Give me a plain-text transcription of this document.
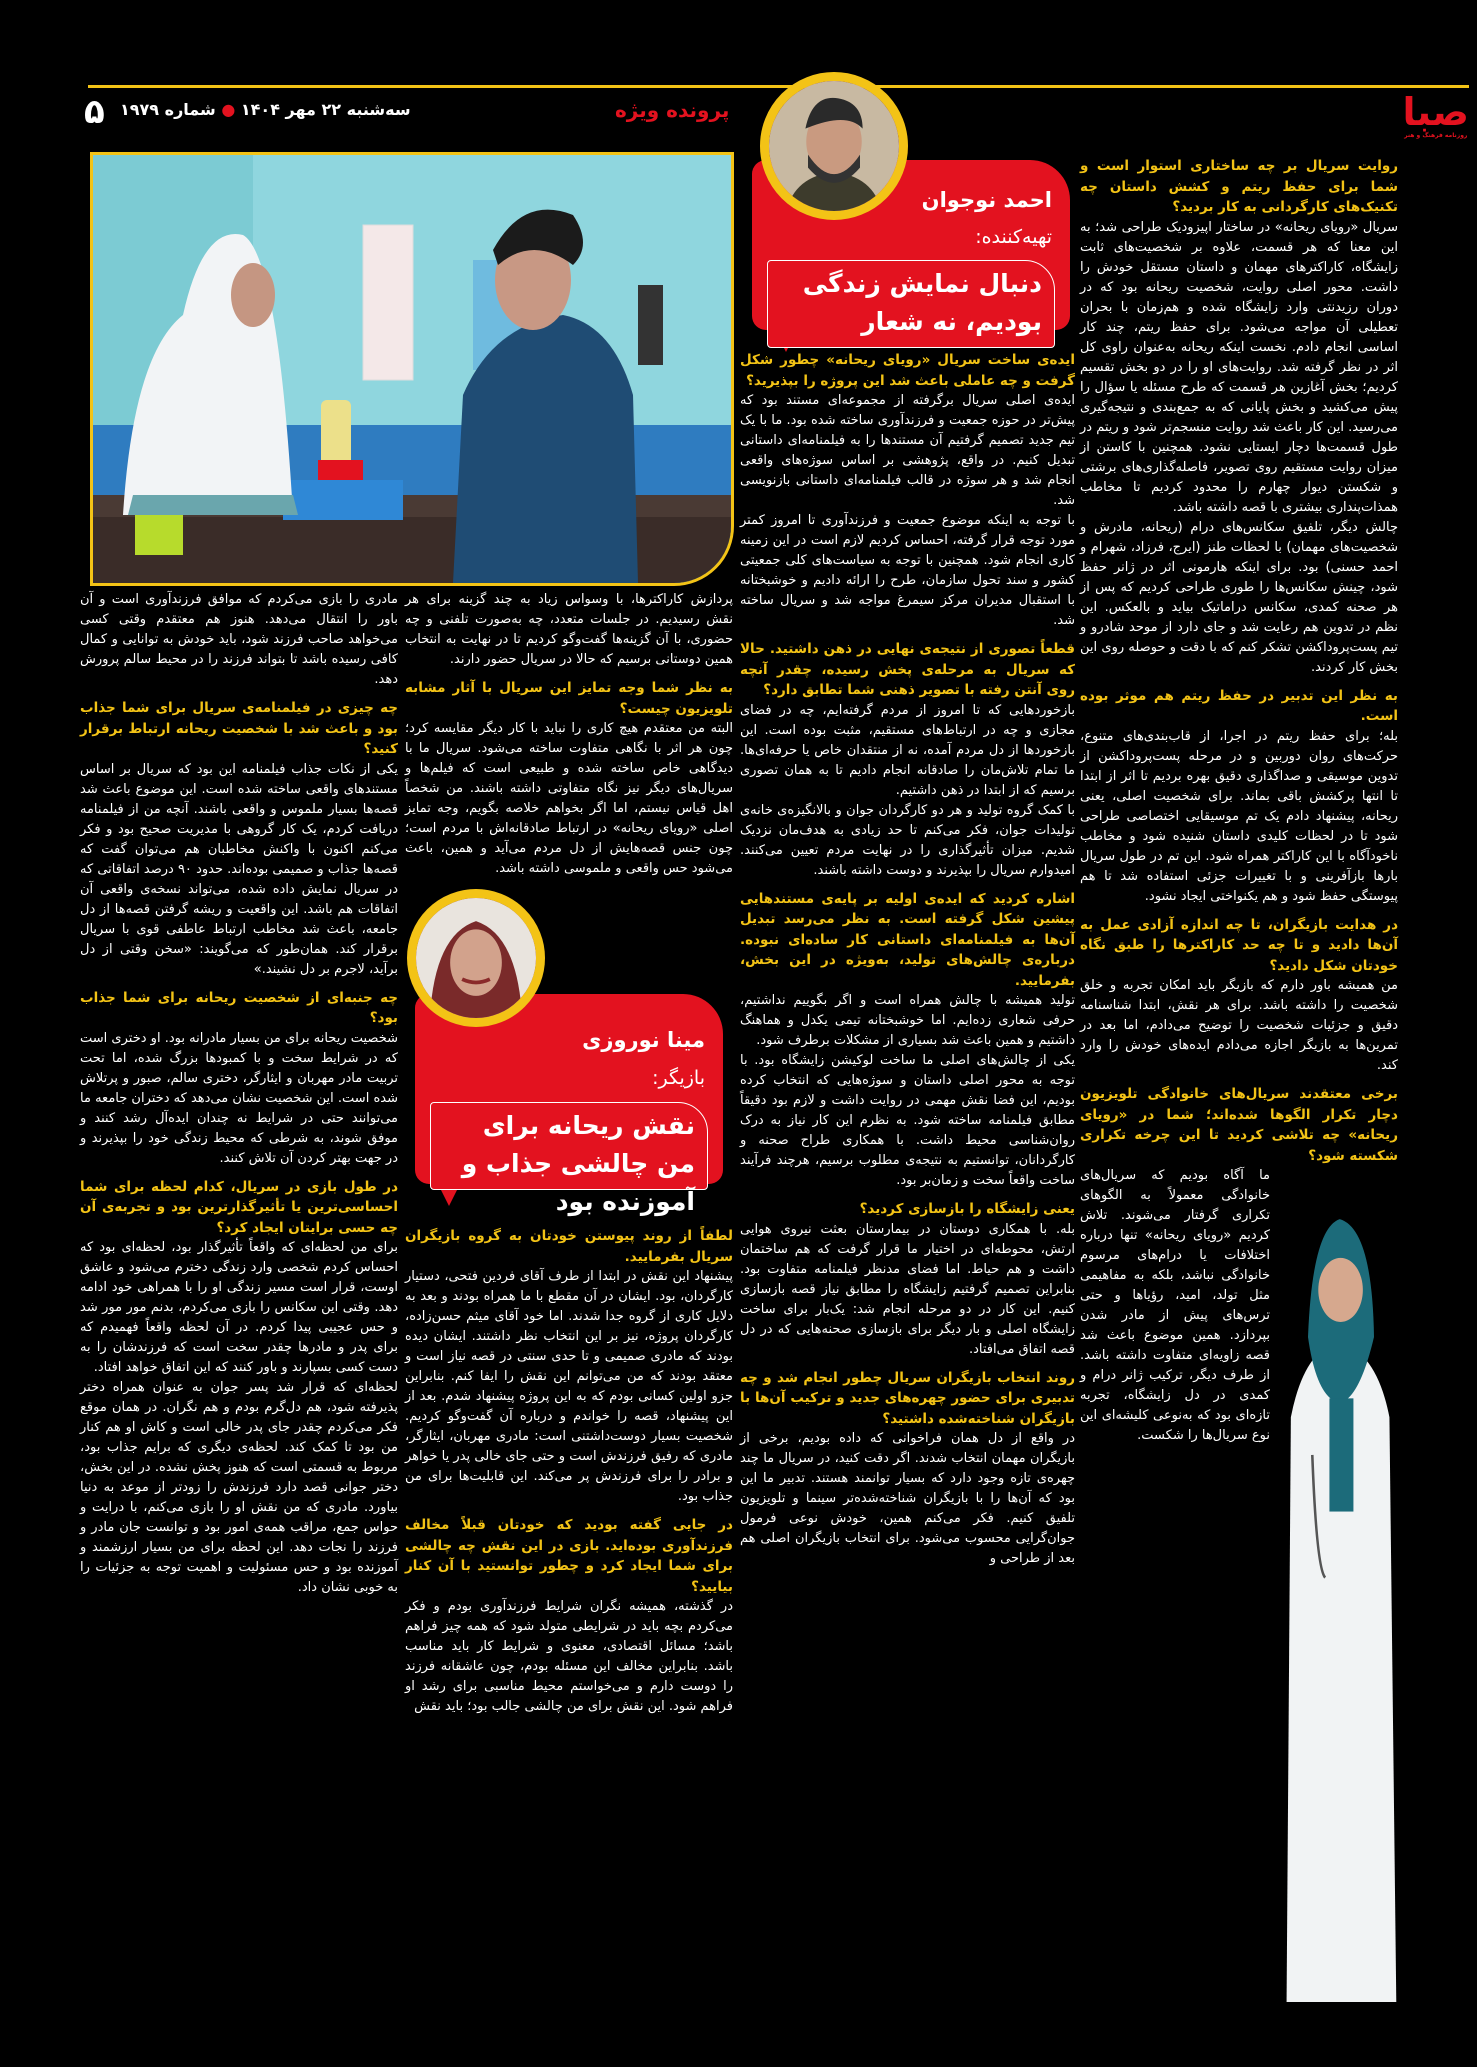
صبا
روزنامه فرهنگ و هنر
پرونده ویژه
سه‌شنبه ۲۲ مهر ۱۴۰۴ ● شماره ۱۹۷۹
۵
احمد نوجوان
تهیه‌کننده:
دنبال نمایش زندگی بودیم، نه شعار
روایت سریال بر چه ساختاری استوار است و شما برای حفظ ریتم و کشش داستان چه تکنیک‌های کارگردانی به کار بردید؟

سریال «رویای ریحانه» در ساختار اپیزودیک طراحی شد؛ به این معنا که هر قسمت، علاوه بر شخصیت‌های ثابت زایشگاه، کاراکترهای مهمان و داستان مستقل خودش را داشت. محور اصلی روایت، شخصیت ریحانه بود که در دوران رزیدنتی وارد زایشگاه شده و هم‌زمان با بحران تعطیلی آن مواجه می‌شود. برای حفظ ریتم، چند کار اساسی انجام دادم. نخست اینکه ریحانه به‌عنوان راوی کل اثر در نظر گرفته شد. روایت‌های او را در دو بخش تقسیم کردیم؛ بخش آغازین هر قسمت که طرح مسئله یا سؤال را پیش می‌کشید و بخش پایانی که به جمع‌بندی و نتیجه‌گیری می‌رسید. این کار باعث شد روایت منسجم‌تر شود و ریتم در طول قسمت‌ها دچار ایستایی نشود. همچنین با کاستن از میزان روایت مستقیم روی تصویر، فاصله‌گذاری‌های برشتی و شکستن دیوار چهارم را محدود کردیم تا مخاطب همذات‌پنداری بیشتری با قصه داشته باشد.

چالش دیگر، تلفیق سکانس‌های درام (ریحانه، مادرش و شخصیت‌های مهمان) با لحظات طنز (ایرج، فرزاد، شهرام و احمد حسنی) بود. برای اینکه هارمونی اثر در ژانر حفظ شود، چینش سکانس‌ها را طوری طراحی کردیم که پس از هر صحنه کمدی، سکانس دراماتیک بیاید و بالعکس. این نظم در تدوین هم رعایت شد و جای دارد از موحد شادرو و تیم پست‌پروداکشن تشکر کنم که با دقت و حوصله روی این بخش کار کردند.

به نظر این تدبیر در حفظ ریتم هم موثر بوده است.

بله؛ برای حفظ ریتم در اجرا، از قاب‌بندی‌های متنوع، حرکت‌های روان دوربین و در مرحله پست‌پروداکشن از تدوین موسیقی و صداگذاری دقیق بهره بردیم تا اثر از ابتدا تا انتها پرکشش باقی بماند. برای شخصیت اصلی، یعنی ریحانه، پیشنهاد دادم یک تم موسیقایی اختصاصی طراحی شود تا در لحظات کلیدی داستان شنیده شود و مخاطب ناخودآگاه با این کاراکتر همراه شود. این تم در طول سریال بارها بازآفرینی و با تغییرات جزئی استفاده شد تا هم پیوستگی حفظ شود و هم یکنواختی ایجاد نشود.

در هدایت بازیگران، تا چه اندازه آزادی عمل به آن‌ها دادید و تا چه حد کاراکترها را طبق نگاه خودتان شکل دادید؟

من همیشه باور دارم که بازیگر باید امکان تجربه و خلق شخصیت را داشته باشد. برای هر نقش، ابتدا شناسنامه دقیق و جزئیات شخصیت را توضیح می‌دادم، اما بعد در تمرین‌ها به بازیگر اجازه می‌دادم ایده‌های خودش را وارد کند.

برخی معتقدند سریال‌های خانوادگی تلویزیون دچار تکرار الگوها شده‌اند؛ شما در «رویای ریحانه» چه تلاشی کردید تا این چرخه تکراری شکسته شود؟

ما آگاه بودیم که سریال‌های خانوادگی معمولاً به الگوهای تکراری گرفتار می‌شوند. تلاش کردیم «رویای ریحانه» تنها درباره اختلافات یا درام‌های مرسوم خانوادگی نباشد، بلکه به مفاهیمی مثل تولد، امید، رؤیاها و حتی ترس‌های پیش از مادر شدن بپردازد. همین موضوع باعث شد قصه زاویه‌ای متفاوت داشته باشد. از طرف دیگر، ترکیب ژانر درام و کمدی در دل زایشگاه، تجربه تازه‌ای بود که به‌نوعی کلیشه‌ای این نوع سریال‌ها را شکست.

ایده‌ی ساخت سریال «رویای ریحانه» چطور شکل گرفت و چه عاملی باعث شد این پروژه را بپذیرید؟

ایده‌ی اصلی سریال برگرفته از مجموعه‌ای مستند بود که پیش‌تر در حوزه جمعیت و فرزندآوری ساخته شده بود. ما با یک تیم جدید تصمیم گرفتیم آن مستندها را به فیلمنامه‌ای داستانی تبدیل کنیم. در واقع، پژوهشی بر اساس سوژه‌های واقعی انجام شد و هر سوژه در قالب فیلمنامه‌ای داستانی بازنویسی شد.

با توجه به اینکه موضوع جمعیت و فرزندآوری تا امروز کمتر مورد توجه قرار گرفته، احساس کردیم لازم است در این زمینه کاری انجام شود. همچنین با توجه به سیاست‌های کلی جمعیتی کشور و سند تحول سازمان، طرح را ارائه دادیم و خوشبختانه با استقبال مدیران مرکز سیمرغ مواجه شد و سریال ساخته شد.

قطعاً تصوری از نتیجه‌ی نهایی در ذهن داشتید. حالا که سریال به مرحله‌ی پخش رسیده، چقدر آنچه روی آنتن رفته با تصویر ذهنی شما تطابق دارد؟

بازخوردهایی که تا امروز از مردم گرفته‌ایم، چه در فضای مجازی و چه در ارتباط‌های مستقیم، مثبت بوده است. این بازخوردها از دل مردم آمده، نه از منتقدان خاص یا حرفه‌ای‌ها. ما تمام تلاش‌مان را صادقانه انجام دادیم تا به همان تصوری برسیم که از ابتدا در ذهن داشتیم.

با کمک گروه تولید و هر دو کارگردان جوان و بالانگیزه‌ی خانه‌ی تولیدات جوان، فکر می‌کنم تا حد زیادی به هدف‌مان نزدیک شدیم. میزان تأثیرگذاری را در نهایت مردم تعیین می‌کنند. امیدوارم سریال را بپذیرند و دوست داشته باشند.

اشاره کردید که ایده‌ی اولیه بر پایه‌ی مستندهایی پیشین شکل گرفته است. به نظر می‌رسد تبدیل آن‌ها به فیلمنامه‌ای داستانی کار ساده‌ای نبوده. درباره‌ی چالش‌های تولید، به‌ویژه در این بخش، بفرمایید.

تولید همیشه با چالش همراه است و اگر بگوییم نداشتیم، حرفی شعاری زده‌ایم. اما خوشبختانه تیمی یکدل و هماهنگ داشتیم و همین باعث شد بسیاری از مشکلات برطرف شود.

یکی از چالش‌های اصلی ما ساخت لوکیشن زایشگاه بود. با توجه به محور اصلی داستان و سوژه‌هایی که انتخاب کرده بودیم، این فضا نقش مهمی در روایت داشت و لازم بود دقیقاً مطابق فیلمنامه ساخته شود. به نظرم این کار نیاز به درک روان‌شناسی محیط داشت. با همکاری طراح صحنه و کارگردانان، توانستیم به نتیجه‌ی مطلوب برسیم، هرچند فرآیند ساخت واقعاً سخت و زمان‌بر بود.

یعنی زایشگاه را بازسازی کردید؟

بله. با همکاری دوستان در بیمارستان بعثت نیروی هوایی ارتش، محوطه‌ای در اختیار ما قرار گرفت که هم ساختمان داشت و هم حیاط. اما فضای مدنظر فیلمنامه متفاوت بود. بنابراین تصمیم گرفتیم زایشگاه را مطابق نیاز قصه بازسازی کنیم. این کار در دو مرحله انجام شد: یک‌بار برای ساخت زایشگاه اصلی و بار دیگر برای بازسازی صحنه‌هایی که در دل قصه اتفاق می‌افتاد.

روند انتخاب بازیگران سریال چطور انجام شد و چه تدبیری برای حضور چهره‌های جدید و ترکیب آن‌ها با بازیگران شناخته‌شده داشتید؟

در واقع از دل همان فراخوانی که داده بودیم، برخی از بازیگران مهمان انتخاب شدند. اگر دقت کنید، در سریال ما چند چهره‌ی تازه وجود دارد که بسیار توانمند هستند. تدبیر ما این بود که آن‌ها را با بازیگران شناخته‌شده‌تر سینما و تلویزیون تلفیق کنیم. فکر می‌کنم همین، خودش نوعی فرمول جوان‌گرایی محسوب می‌شود. برای انتخاب بازیگران اصلی هم بعد از طراحی و

پردازش کاراکترها، با وسواس زیاد به چند گزینه برای هر نقش رسیدیم. در جلسات متعدد، چه به‌صورت تلفنی و چه حضوری، با آن گزینه‌ها گفت‌وگو کردیم تا در نهایت به انتخاب همین دوستانی برسیم که حالا در سریال حضور دارند.

به نظر شما وجه تمایز این سریال با آثار مشابه تلویزیون چیست؟

البته من معتقدم هیچ کاری را نباید با کار دیگر مقایسه کرد؛ چون هر اثر با نگاهی متفاوت ساخته می‌شود. سریال ما با دیدگاهی خاص ساخته شده و طبیعی است که فیلم‌ها و سریال‌های دیگر نیز نگاه متفاوتی داشته باشند. من شخصاً اهل قیاس نیستم، اما اگر بخواهم خلاصه بگویم، وجه تمایز اصلی «رویای ریحانه» در ارتباط صادقانه‌اش با مردم است؛ چون جنس قصه‌هایش از دل مردم می‌آید و همین، باعث می‌شود حس واقعی و ملموسی داشته باشد.

مینا نوروزی
بازیگر:
نقش ریحانه برای من چالشی جذاب و آموزنده بود
لطفاً از روند پیوستن خودتان به گروه بازیگران سریال بفرمایید.

پیشنهاد این نقش در ابتدا از طرف آقای فردین فتحی، دستیار کارگردان، بود. ایشان در آن مقطع با ما همراه بودند و بعد به دلایل کاری از گروه جدا شدند. اما خود آقای میثم حسن‌زاده، کارگردان پروژه، نیز بر این انتخاب نظر داشتند. ایشان دیده بودند که مادری صمیمی و تا حدی سنتی در قصه نیاز است و معتقد بودند که من می‌توانم این نقش را ایفا کنم. بنابراین جزو اولین کسانی بودم که به این پروژه پیشنهاد شدم. بعد از این پیشنهاد، قصه را خواندم و درباره آن گفت‌وگو کردیم. شخصیت بسیار دوست‌داشتنی است: مادری مهربان، ایثارگر، مادری که رفیق فرزندش است و حتی جای خالی پدر یا خواهر و برادر را برای فرزندش پر می‌کند. این قابلیت‌ها برای من جذاب بود.

در جایی گفته بودید که خودتان قبلاً مخالف فرزندآوری بوده‌اید. بازی در این نقش چه چالشی برای شما ایجاد کرد و چطور توانستید با آن کنار بیایید؟

در گذشته، همیشه نگران شرایط فرزندآوری بودم و فکر می‌کردم بچه باید در شرایطی متولد شود که همه چیز فراهم باشد؛ مسائل اقتصادی، معنوی و شرایط کار باید مناسب باشد. بنابراین مخالف این مسئله بودم، چون عاشقانه فرزند را دوست دارم و می‌خواستم محیط مناسبی برای رشد او فراهم شود. این نقش برای من چالشی جالب بود؛ باید نقش

مادری را بازی می‌کردم که موافق فرزندآوری است و آن باور را انتقال می‌دهد. هنوز هم معتقدم وقتی کسی می‌خواهد صاحب فرزند شود، باید خودش به توانایی و کمال کافی رسیده باشد تا بتواند فرزند را در محیط سالم پرورش دهد.

چه چیزی در فیلمنامه‌ی سریال برای شما جذاب بود و باعث شد با شخصیت ریحانه ارتباط برقرار کنید؟

یکی از نکات جذاب فیلمنامه این بود که سریال بر اساس مستندهای واقعی ساخته شده است. این موضوع باعث شد قصه‌ها بسیار ملموس و واقعی باشند. آنچه من از فیلمنامه دریافت کردم، یک کار گروهی با مدیریت صحیح بود و فکر می‌کنم اکنون با واکنش مخاطبان هم می‌توان گفت که قصه‌ها جذاب و صمیمی بوده‌اند. حدود ۹۰ درصد اتفاقاتی که در سریال نمایش داده شده، می‌تواند نسخه‌ی واقعی آن اتفاقات هم باشد. این واقعیت و ریشه گرفتن قصه‌ها از دل جامعه، باعث شد مخاطب ارتباط عاطفی قوی با سریال برقرار کند. همان‌طور که می‌گویند: «سخن وقتی از دل برآید، لاجرم بر دل نشیند.»

چه جنبه‌ای از شخصیت ریحانه برای شما جذاب بود؟

شخصیت ریحانه برای من بسیار مادرانه بود. او دختری است که در شرایط سخت و با کمبودها بزرگ شده، اما تحت تربیت مادر مهربان و ایثارگر، دختری سالم، صبور و پرتلاش شده است. این شخصیت نشان می‌دهد که دختران جامعه ما می‌توانند حتی در شرایط نه چندان ایده‌آل رشد کنند و موفق شوند، به شرطی که محیط زندگی خود را بپذیرند و در جهت بهتر کردن آن تلاش کنند.

در طول بازی در سریال، کدام لحظه برای شما احساسی‌ترین یا تأثیرگذارترین بود و تجربه‌ی آن چه حسی برایتان ایجاد کرد؟

برای من لحظه‌ای که واقعاً تأثیرگذار بود، لحظه‌ای بود که احساس کردم شخصی وارد زندگی دخترم می‌شود و عاشق اوست، قرار است مسیر زندگی او را با همراهی خود ادامه دهد. وقتی این سکانس را بازی می‌کردم، بدنم مور مور شد و حس عجیبی پیدا کردم. در آن لحظه واقعاً فهمیدم که برای پدر و مادرها چقدر سخت است که فرزندشان را به دست کسی بسپارند و باور کنند که این اتفاق خواهد افتاد.

لحظه‌ای که قرار شد پسر جوان به عنوان همراه دختر پذیرفته شود، هم دل‌گرم بودم و هم نگران. در همان موقع فکر می‌کردم چقدر جای پدر خالی است و کاش او هم کنار من بود تا کمک کند. لحظه‌ی دیگری که برایم جذاب بود، مربوط به قسمتی است که هنوز پخش نشده. در این بخش، دختر جوانی قصد دارد فرزندش را زودتر از موعد به دنیا بیاورد. مادری که من نقش او را بازی می‌کنم، با درایت و حواس جمع، مراقب همه‌ی امور بود و توانست جان مادر و فرزند را نجات دهد. این لحظه برای من بسیار ارزشمند و آموزنده بود و حس مسئولیت و اهمیت توجه به جزئیات را به خوبی نشان داد.
